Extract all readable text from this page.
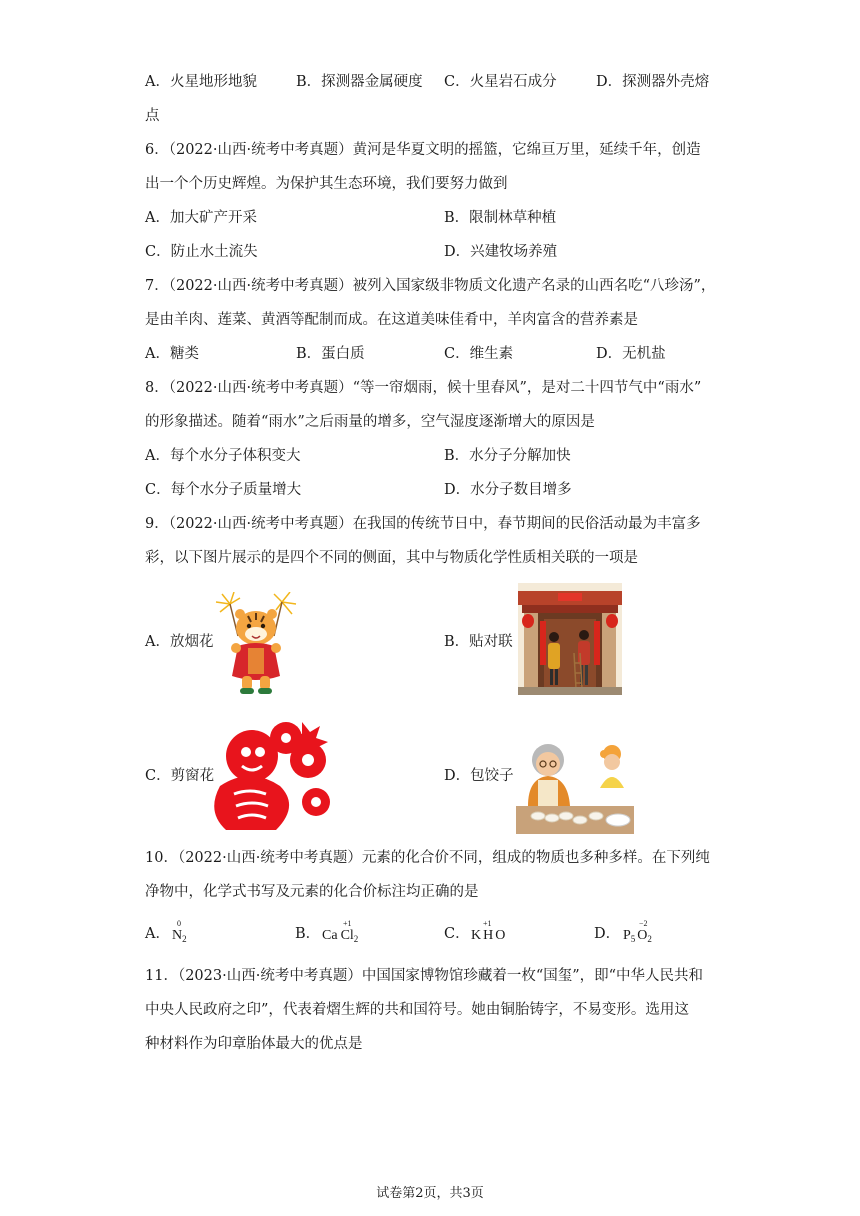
A．火星地形地貌	B．探测器金属硬度 C．火星岩石成分	D．探测器外壳熔
点
6．（2022·山西·统考中考真题）黄河是华夏文明的摇篮，它绵亘万里，延续千年，创造
出一个个历史辉煌。为保护其生态环境，我们要努力做到
A．加大矿产开采	B．限制林草种植
C．防止水土流失	D．兴建牧场养殖
7．（2022·山西·统考中考真题）被列入国家级非物质文化遗产名录的山西名吃“八珍汤”，
是由羊肉、莲菜、黄酒等配制而成。在这道美味佳肴中，羊肉富含的营养素是
A．糖类	B．蛋白质	C．维生素	D．无机盐
8．（2022·山西·统考中考真题）“等一帘烟雨，候十里春风”，是对二十四节气中“雨水”
的形象描述。随着“雨水”之后雨量的增多，空气湿度逐渐增大的原因是
A．每个水分子体积变大	B．水分子分解加快
C．每个水分子质量增大	D．水分子数目增多
9．（2022·山西·统考中考真题）在我国的传统节日中，春节期间的民俗活动最为丰富多
彩，以下图片展示的是四个不同的侧面，其中与物质化学性质相关联的一项是
A．放烟花	B．贴对联
C．剪窗花	D．包饺子
10．（2022·山西·统考中考真题）元素的化合价不同，组成的物质也多种多样。在下列纯
净物中，化学式书写及元素的化合价标注均正确的是
A．
0
$N_2$	B．
+1
Ca $Cl_2$	C．
+1
K H O	D．
−2
$P_5$ $O_2$
11．（2023·山西·统考中考真题）中国国家博物馆珍藏着一枚“国玺”，即“中华人民共和
中央人民政府之印”，代表着熠生辉的共和国符号。她由铜胎铸字，不易变形。选用这
种材料作为印章胎体最大的优点是
试卷第2页，共3页
